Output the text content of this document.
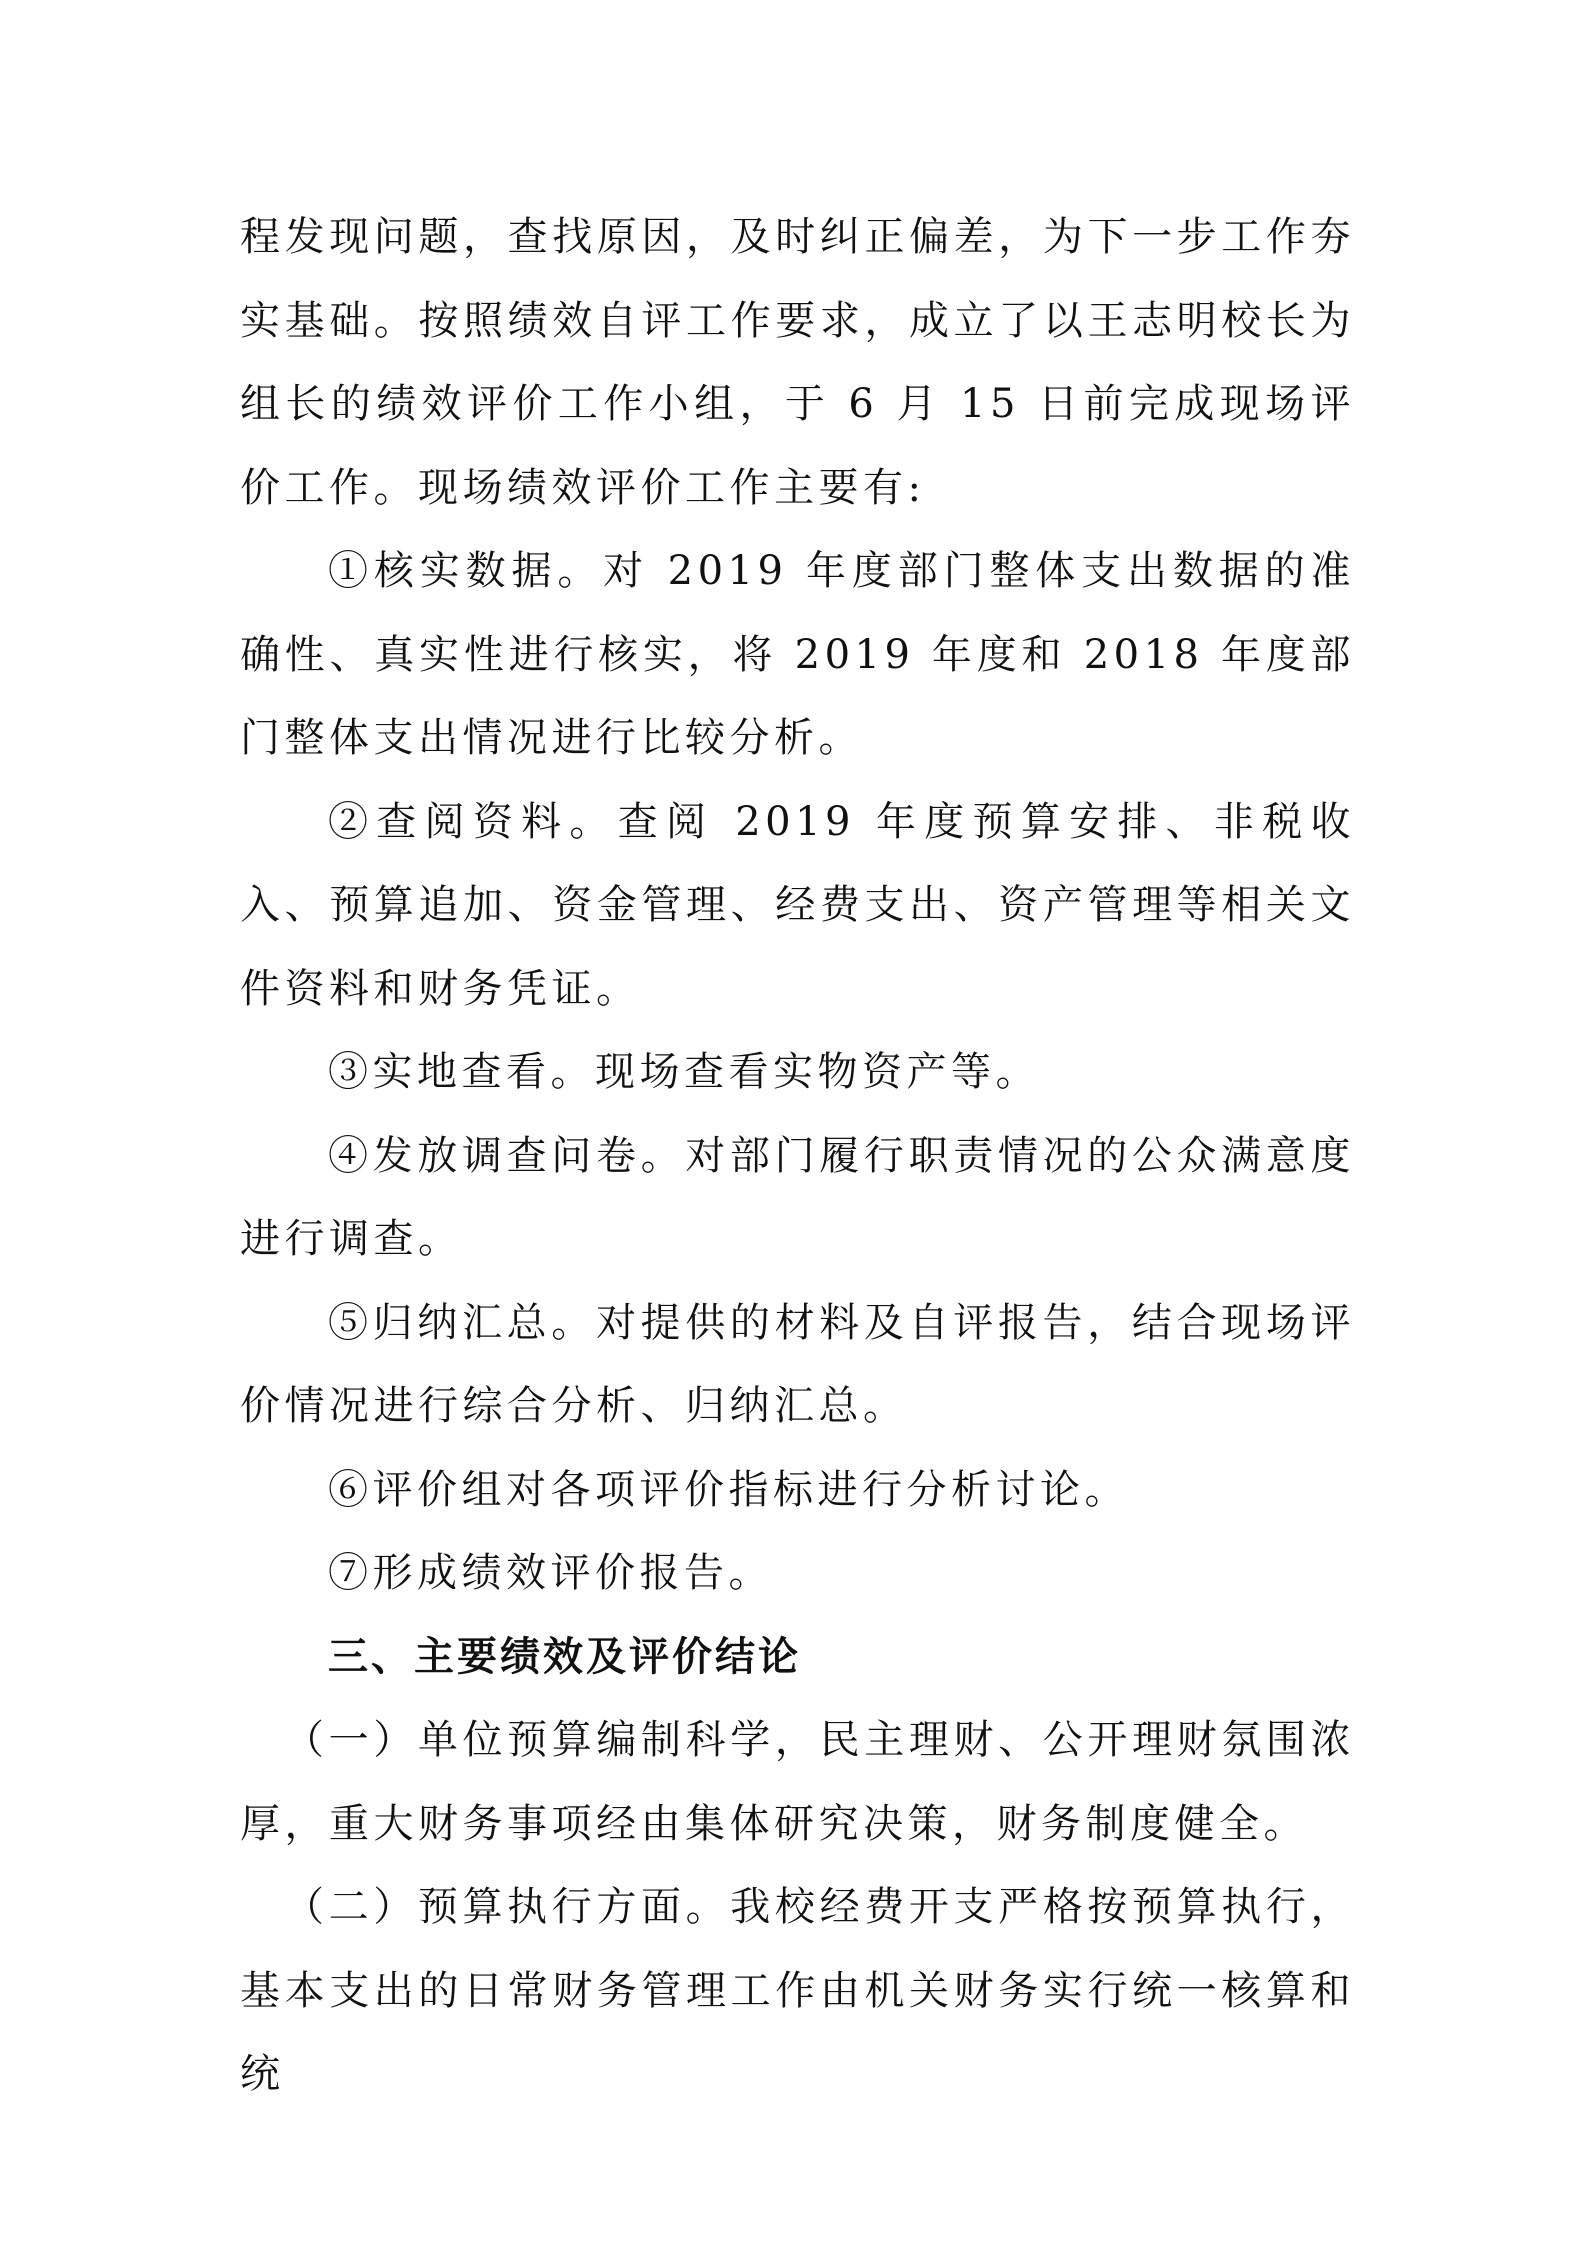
程发现问题，查找原因，及时纠正偏差，为下一步工作夯实基础。按照绩效自评工作要求，成立了以王志明校长为组长的绩效评价工作小组，于 6 月 15 日前完成现场评价工作。现场绩效评价工作主要有:

①核实数据。对 2019 年度部门整体支出数据的准确性、真实性进行核实，将 2019 年度和 2018 年度部门整体支出情况进行比较分析。

②查阅资料。查阅 2019 年度预算安排、非税收入、预算追加、资金管理、经费支出、资产管理等相关文件资料和财务凭证。

③实地查看。现场查看实物资产等。

④发放调查问卷。对部门履行职责情况的公众满意度进行调查。

⑤归纳汇总。对提供的材料及自评报告，结合现场评价情况进行综合分析、归纳汇总。

⑥评价组对各项评价指标进行分析讨论。

⑦形成绩效评价报告。

三、主要绩效及评价结论

（一）单位预算编制科学，民主理财、公开理财氛围浓厚，重大财务事项经由集体研究决策，财务制度健全。

（二）预算执行方面。我校经费开支严格按预算执行，基本支出的日常财务管理工作由机关财务实行统一核算和统
